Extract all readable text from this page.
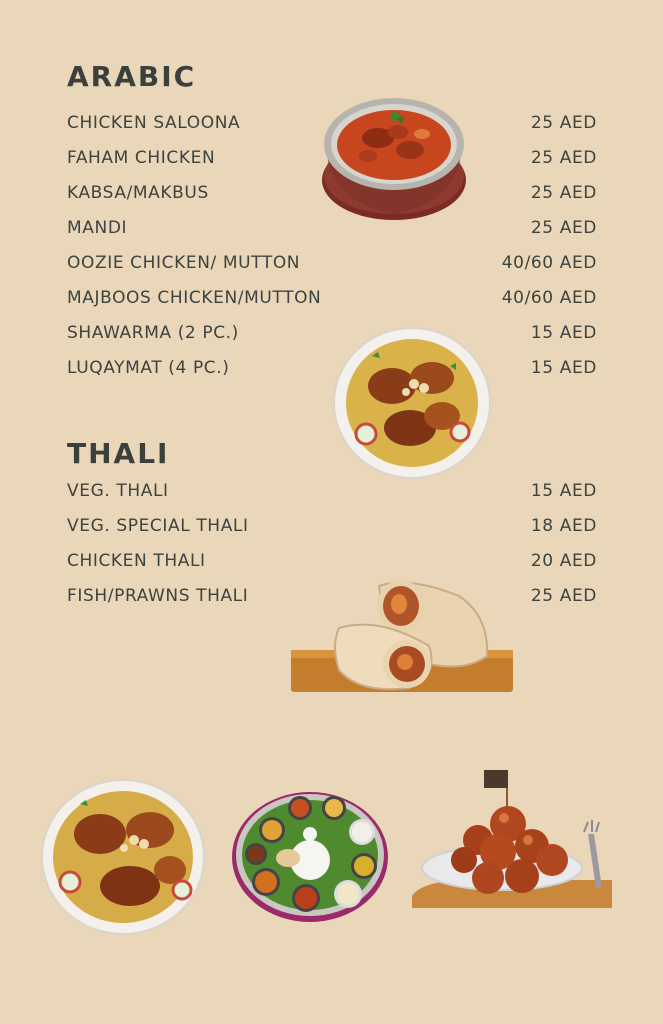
ARABIC
CHICKEN SALOONA	25 AED
FAHAM CHICKEN	25 AED
KABSA/MAKBUS	25 AED
MANDI	25 AED
OOZIE CHICKEN/ MUTTON	40/60 AED
MAJBOOS CHICKEN/MUTTON	40/60 AED
SHAWARMA (2 PC.)	15 AED
LUQAYMAT (4 PC.)	15 AED
THALI
VEG. THALI	15 AED
VEG. SPECIAL THALI	18 AED
CHICKEN THALI	20 AED
FISH/PRAWNS THALI	25 AED
